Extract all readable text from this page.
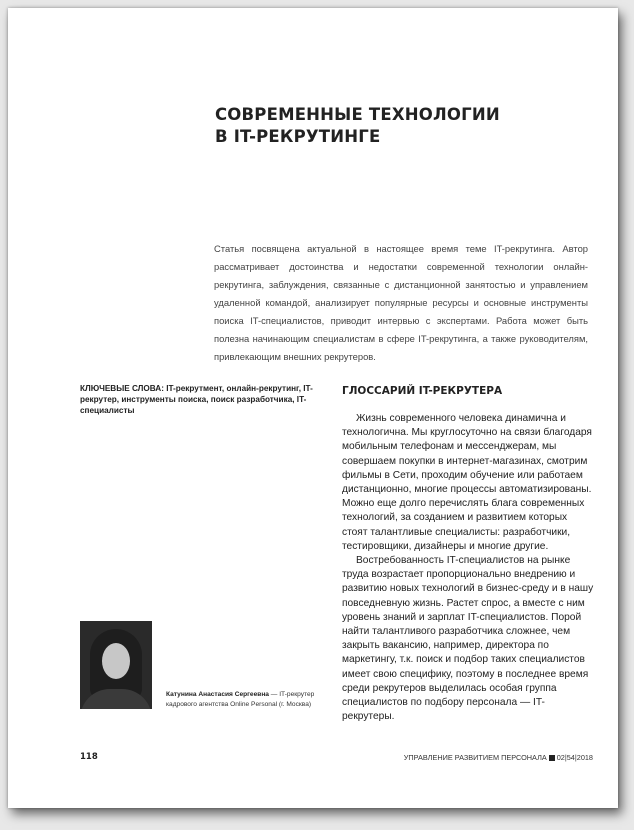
СОВРЕМЕННЫЕ ТЕХНОЛОГИИ
В IT-РЕКРУТИНГЕ
Статья посвящена актуальной в настоящее время теме IT-рекрутинга. Автор рассматривает достоинства и недостатки современной технологии онлайн-рекрутинга, заблуждения, связанные с дистанционной занятостью и управлением удаленной командой, анализирует популярные ресурсы и основные инструменты поиска IT-специалистов, приводит интервью с экспертами. Работа может быть полезна начинающим специалистам в сфере IT-рекрутинга, а также руководителям, привлекающим внешних рекрутеров.
КЛЮЧЕВЫЕ СЛОВА: IT-рекрутмент, онлайн-рекрутинг, IT-рекрутер, инструменты поиска, поиск разработчика, IT-специалисты
ГЛОССАРИЙ IT-РЕКРУТЕРА

Жизнь современного человека динамична и технологична. Мы круглосуточно на связи благодаря мобильным телефонам и мессенджерам, мы совершаем покупки в интернет-магазинах, смотрим фильмы в Сети, проходим обучение или работаем дистанционно, многие процессы автоматизированы. Можно еще долго перечислять блага современных технологий, за созданием и развитием которых стоят талантливые специалисты: разработчики, тестировщики, дизайнеры и многие другие.

Востребованность IT-специалистов на рынке труда возрастает пропорционально внедрению и развитию новых технологий в бизнес-среду и в нашу повседневную жизнь. Растет спрос, а вместе с ним уровень знаний и зарплат IT-специалистов. Порой найти талантливого разработчика сложнее, чем закрыть вакансию, например, директора по маркетингу, т.к. поиск и подбор таких специалистов имеет свою специфику, поэтому в последнее время среди рекрутеров выделилась особая группа специалистов по подбору персонала — IT-рекрутеры.

Катунина Анастасия Сергеевна — IT-рекрутер кадрового агентства Online Personal (г. Москва)
118	УПРАВЛЕНИЕ РАЗВИТИЕМ ПЕРСОНАЛА 02|54|2018
